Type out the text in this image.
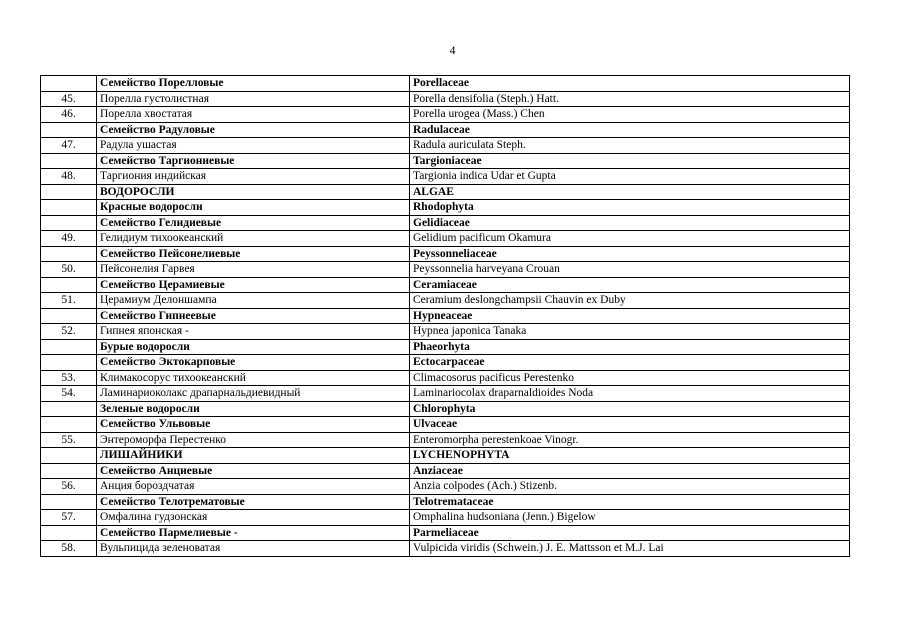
4
	Семейство Порелловые	Porellaceae
45.	Порелла густолистная	Porella densifolia (Steph.) Hatt.
46.	Порелла хвостатая	Porella urogea (Mass.) Chen
	Семейство Радуловые	Radulaceae
47.	Радула ушастая	Radula auriculata Steph.
	Семейство Таргиониевые	Targioniaceae
48.	Таргиония индийская	Targionia indica Udar et Gupta
	ВОДОРОСЛИ	ALGAE
	Красные водоросли	Rhodophyta
	Семейство Гелидиевые	Gelidiaceae
49.	Гелидиум тихоокеанский	Gelidium pacificum Okamura
	Семейство Пейсонелиевые	Peyssonneliaceae
50.	Пейсонелия Гарвея	Peyssonnelia harveyana Crouan
	Семейство Церамиевые	Ceramiaceae
51.	Церамиум Делоншампа	Ceramium deslongchampsii Chauvin ex Duby
	Семейство Гипнеевые	Hypneaceae
52.	Гипнея японская -	Hypnea japonica Tanaka
	Бурые водоросли	Phaeorhyta
	Семейство Эктокарповые	Ectocarpaceae
53.	Климакосорус тихоокеанский	Climacosorus pacificus Perestenko
54.	Ламинариоколакс драпарнальдиевидный	Laminariocolax draparnaldioides Noda
	Зеленые водоросли	Chlorophyta
	Семейство Ульвовые	Ulvaceae
55.	Энтероморфа Перестенко	Enteromorpha perestenkoae Vinogr.
	ЛИШАЙНИКИ	LYCHENOPHYTA
	Семейство Анциевые	Anziaceae
56.	Анция бороздчатая	Anzia colpodes (Ach.) Stizenb.
	Семейство Телотрематовые	Telotremataceae
57.	Омфалина гудзонская	Omphalina hudsoniana (Jenn.) Bigelow
	Семейство Пармелиевые -	Parmeliaceae
58.	Вульпицида зеленоватая	Vulpicida viridis (Schwein.) J. E. Mattsson et M.J. Lai
